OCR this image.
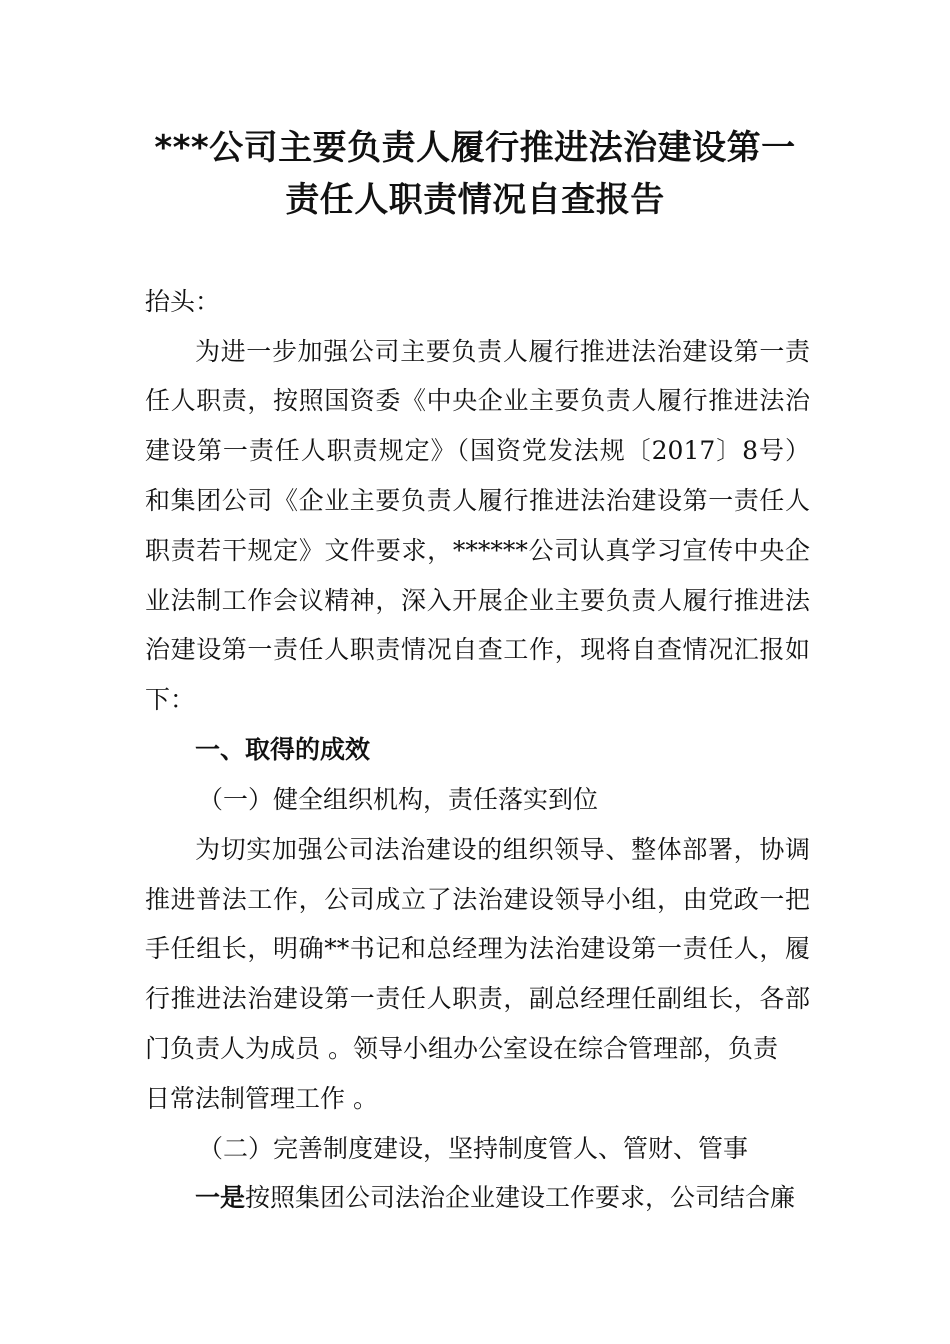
***公司主要负责人履行推进法治建设第一
责任人职责情况自查报告
抬头：
为进一步加强公司主要负责人履行推进法治建设第一责
任人职责，按照国资委《中央企业主要负责人履行推进法治
建设第一责任人职责规定》（国资党发法规〔2017〕8号）
和集团公司《企业主要负责人履行推进法治建设第一责任人
职责若干规定》文件要求，******公司认真学习宣传中央企
业法制工作会议精神，深入开展企业主要负责人履行推进法
治建设第一责任人职责情况自查工作，现将自查情况汇报如
下：
一、取得的成效
（一）健全组织机构，责任落实到位
为切实加强公司法治建设的组织领导、整体部署，协调
推进普法工作，公司成立了法治建设领导小组，由党政一把
手任组长，明确**书记和总经理为法治建设第一责任人，履
行推进法治建设第一责任人职责，副总经理任副组长，各部
门负责人为成员 。领导小组办公室设在综合管理部，负责
日常法制管理工作 。
（二）完善制度建设，坚持制度管人、管财、管事
一是按照集团公司法治企业建设工作要求，公司结合廉
